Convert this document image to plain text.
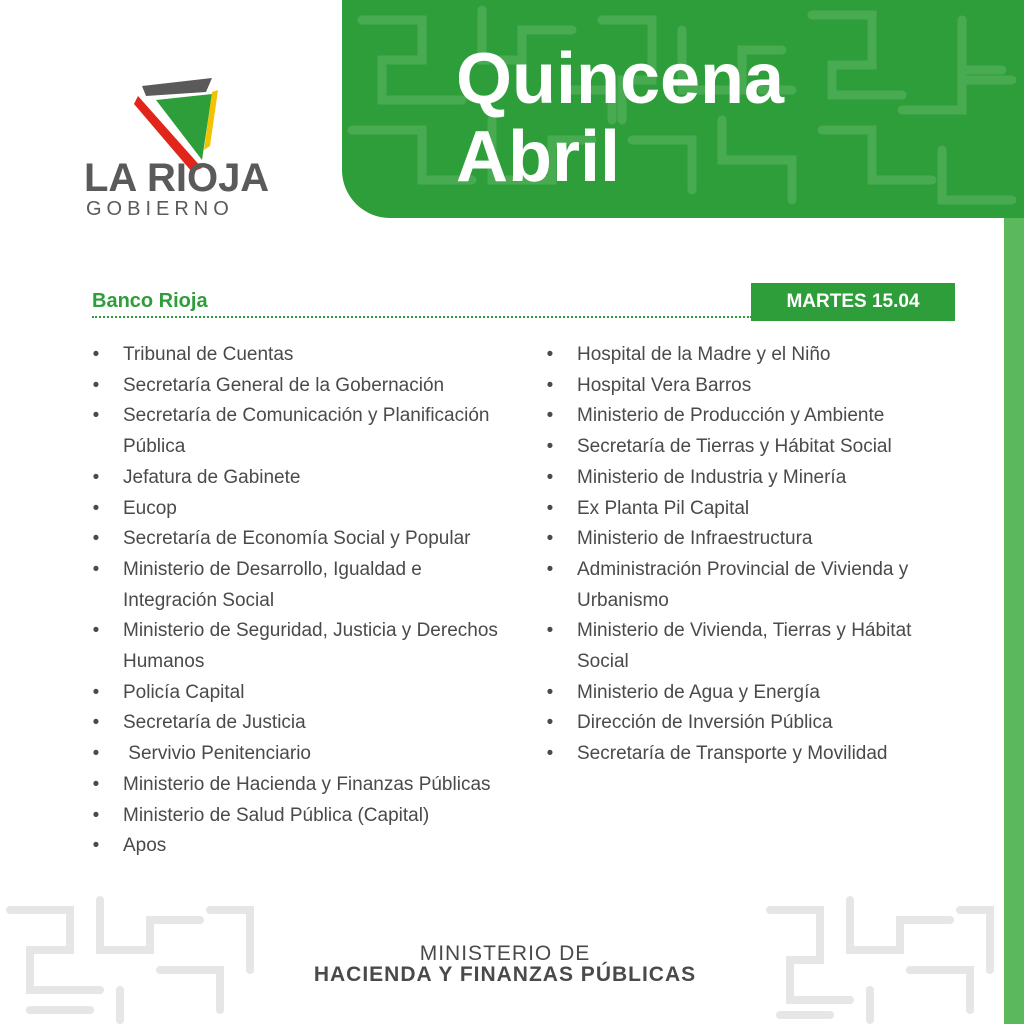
Quincena

Abril

LA RIOJA

GOBIERNO

Banco Rioja	MARTES 15.04
• Tribunal de Cuentas
• Secretaría General de la Gobernación
• Secretaría de Comunicación y Planificación
Pública
• Jefatura de Gabinete
• Eucop
• Secretaría de Economía Social y Popular
• Ministerio de Desarrollo, Igualdad e
Integración Social
• Ministerio de Seguridad, Justicia y Derechos
Humanos
• Policía Capital
• Secretaría de Justicia
• Servivio Penitenciario
• Ministerio de Hacienda y Finanzas Públicas
• Ministerio de Salud Pública (Capital)
• Apos
• Hospital de la Madre y el Niño
• Hospital Vera Barros
• Ministerio de Producción y Ambiente
• Secretaría de Tierras y Hábitat Social
• Ministerio de Industria y Minería
• Ex Planta Pil Capital
• Ministerio de Infraestructura
• Administración Provincial de Vivienda y
Urbanismo
• Ministerio de Vivienda, Tierras y Hábitat
Social
• Ministerio de Agua y Energía
• Dirección de Inversión Pública
• Secretaría de Transporte y Movilidad

MINISTERIO DE

HACIENDA Y FINANZAS PÚBLICAS
